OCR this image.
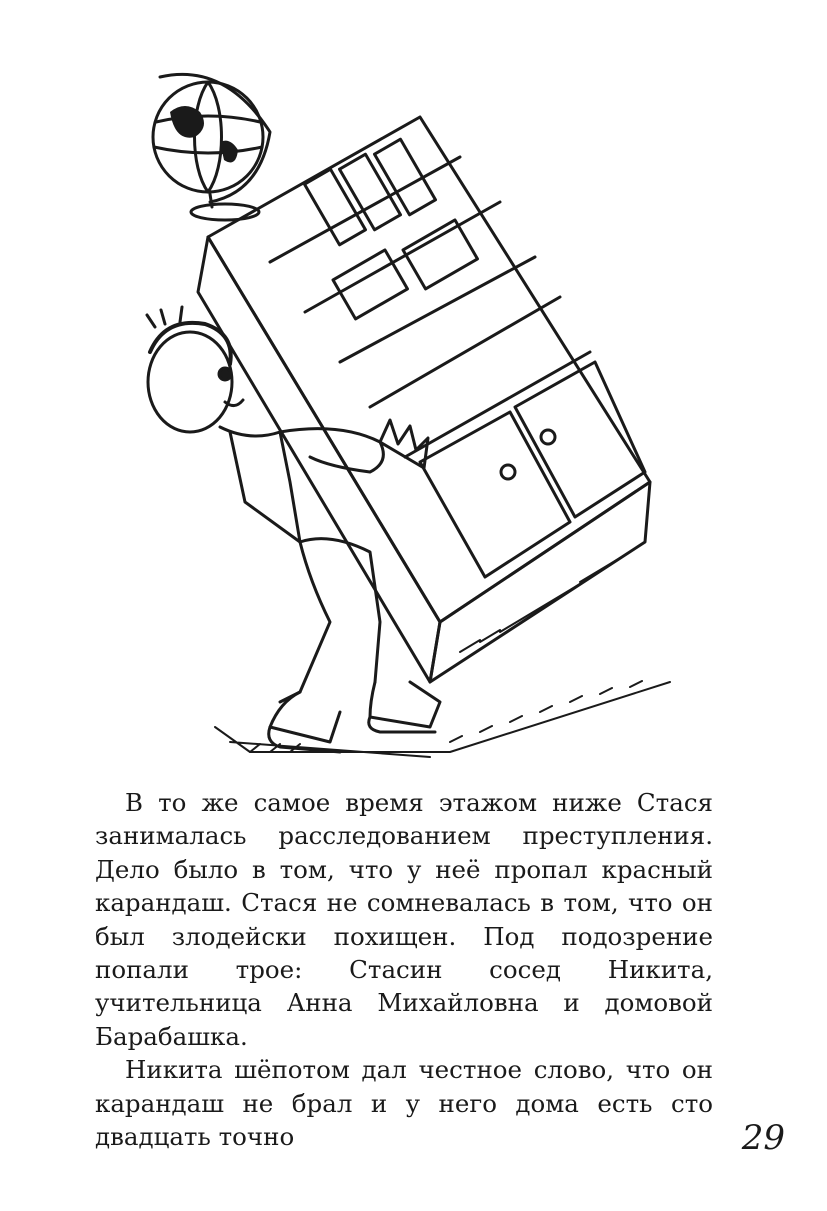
В то же самое время этажом ниже Стася занималась расследованием преступления. Дело было в том, что у неё пропал красный карандаш. Стася не сомневалась в том, что он был злодейски похищен. Под подозрение попали трое: Стасин сосед Никита, учительница Анна Михайловна и домовой Барабашка.

Никита шёпотом дал честное слово, что он карандаш не брал и у него дома есть сто двадцать точно	29
